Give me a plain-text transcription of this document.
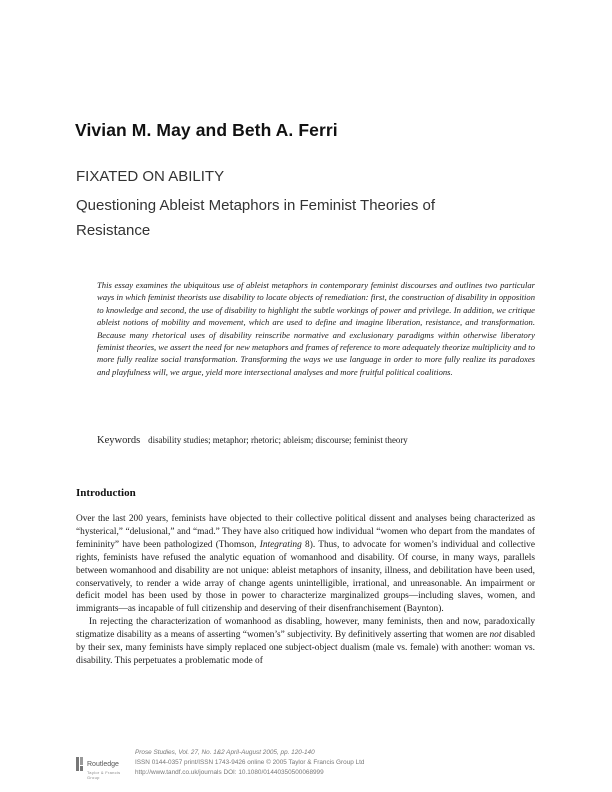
Vivian M. May and Beth A. Ferri
FIXATED ON ABILITY
Questioning Ableist Metaphors in Feminist Theories of Resistance

This essay examines the ubiquitous use of ableist metaphors in contemporary feminist discourses and outlines two particular ways in which feminist theorists use disability to locate objects of remediation: first, the construction of disability in opposition to knowledge and second, the use of disability to highlight the subtle workings of power and privilege. In addition, we critique ableist notions of mobility and movement, which are used to define and imagine liberation, resistance, and transformation. Because many rhetorical uses of disability reinscribe normative and exclusionary paradigms within otherwise liberatory feminist theories, we assert the need for new metaphors and frames of reference to more adequately theorize multiplicity and to more fully realize social transformation. Transforming the ways we use language in order to more fully realize its paradoxes and playfulness will, we argue, yield more intersectional analyses and more fruitful political coalitions.

Keywords disability studies; metaphor; rhetoric; ableism; discourse; feminist theory

Introduction

Over the last 200 years, feminists have objected to their collective political dissent and analyses being characterized as “hysterical,” “delusional,” and “mad.” They have also critiqued how individual “women who depart from the mandates of femininity” have been pathologized (Thomson, Integrating 8). Thus, to advocate for women’s individual and collective rights, feminists have refused the analytic equation of womanhood and disability. Of course, in many ways, parallels between womanhood and disability are not unique: ableist metaphors of insanity, illness, and debilitation have been used, conservatively, to render a wide array of change agents unintelligible, irrational, and unreasonable. An impairment or deficit model has been used by those in power to characterize marginalized groups—including slaves, women, and immigrants—as incapable of full citizenship and deserving of their disenfranchisement (Baynton).

In rejecting the characterization of womanhood as disabling, however, many feminists, then and now, paradoxically stigmatize disability as a means of asserting “women’s” subjectivity. By definitively asserting that women are not disabled by their sex, many feminists have simply replaced one subject-object dualism (male vs. female) with another: woman vs. disability. This perpetuates a problematic mode of

Routledge
Taylor & Francis Group
Prose Studies, Vol. 27, No. 1&2 April-August 2005, pp. 120-140
ISSN 0144-0357 print/ISSN 1743-9426 online © 2005 Taylor & Francis Group Ltd
http://www.tandf.co.uk/journals DOI: 10.1080/01440350500068999
